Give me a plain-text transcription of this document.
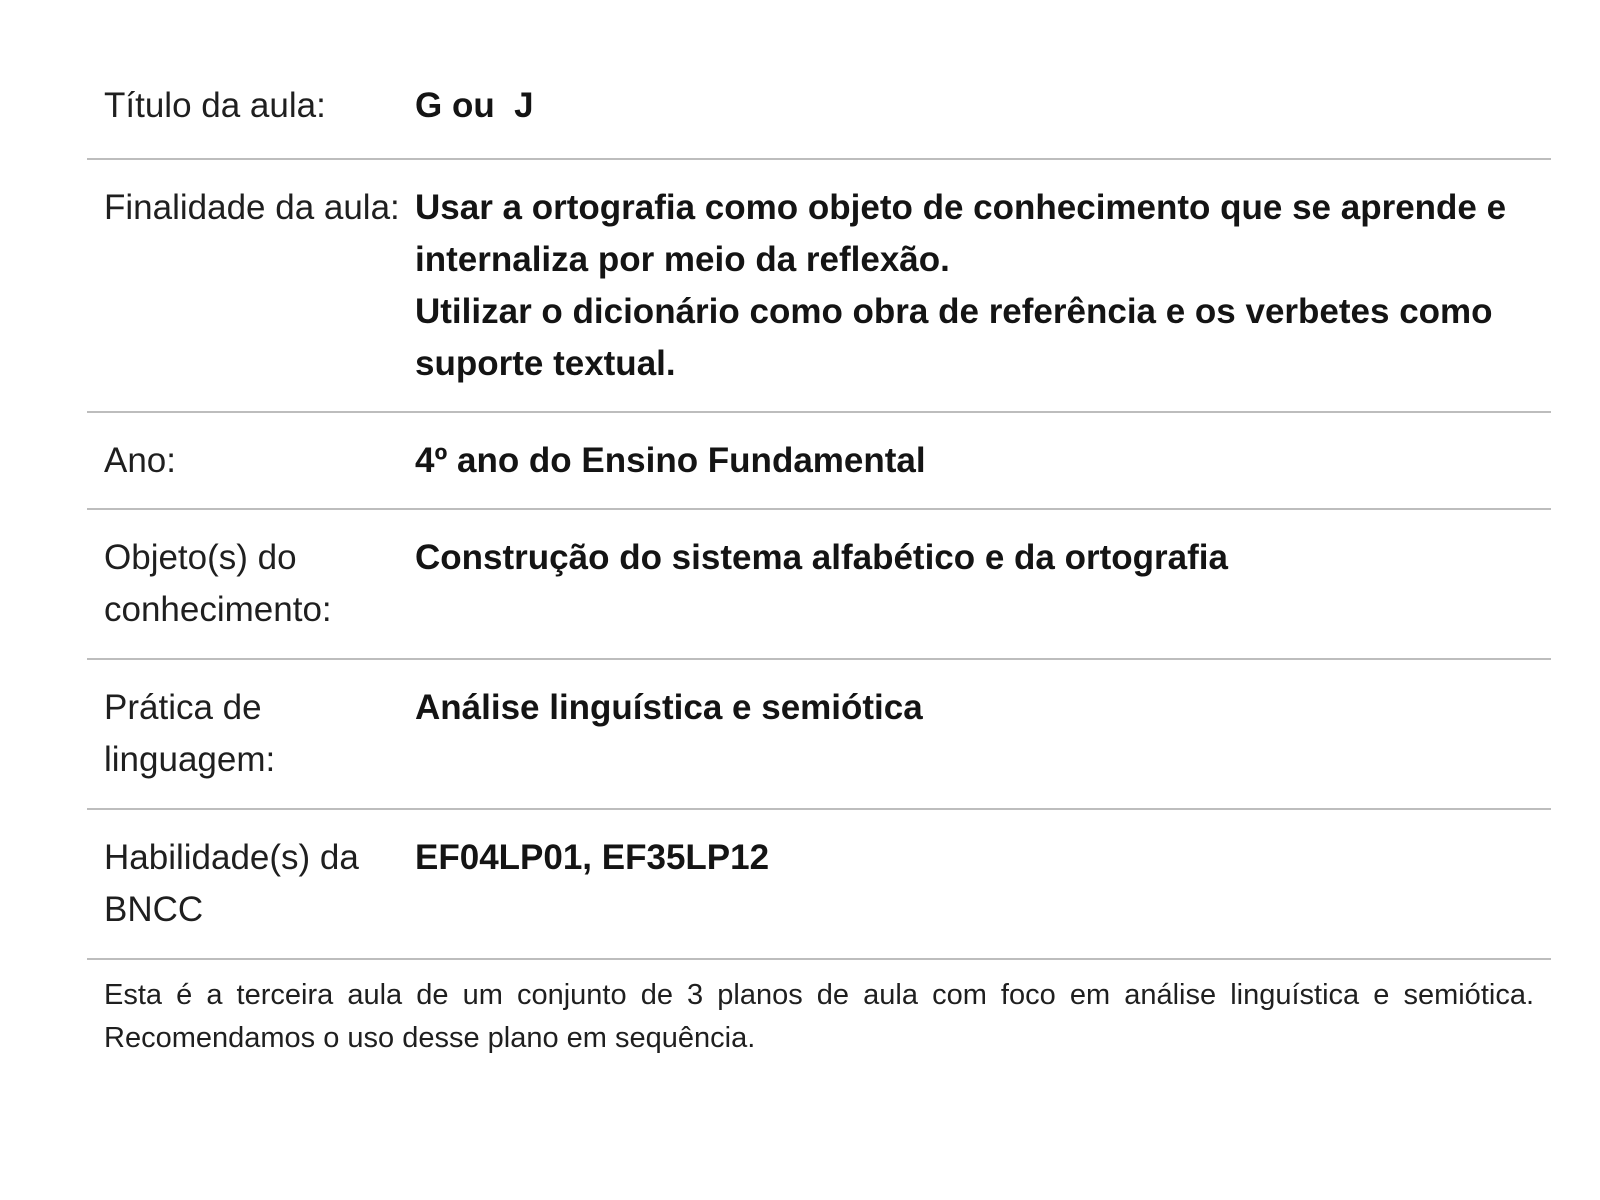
Título da aula:	G ou  J
Finalidade da aula: Usar a ortografia como objeto de conhecimento que se aprende e internaliza por meio da reflexão.
Utilizar o dicionário como obra de referência e os verbetes como suporte textual.
Ano:	4º ano do Ensino Fundamental
Objeto(s) do conhecimento:
Construção do sistema alfabético e da ortografia
Prática de linguagem:
Análise linguística e semiótica
Habilidade(s) da BNCC
EF04LP01, EF35LP12
Esta é a terceira aula de um conjunto de 3 planos de aula com foco em análise linguística e semiótica. Recomendamos o uso desse plano em sequência.
